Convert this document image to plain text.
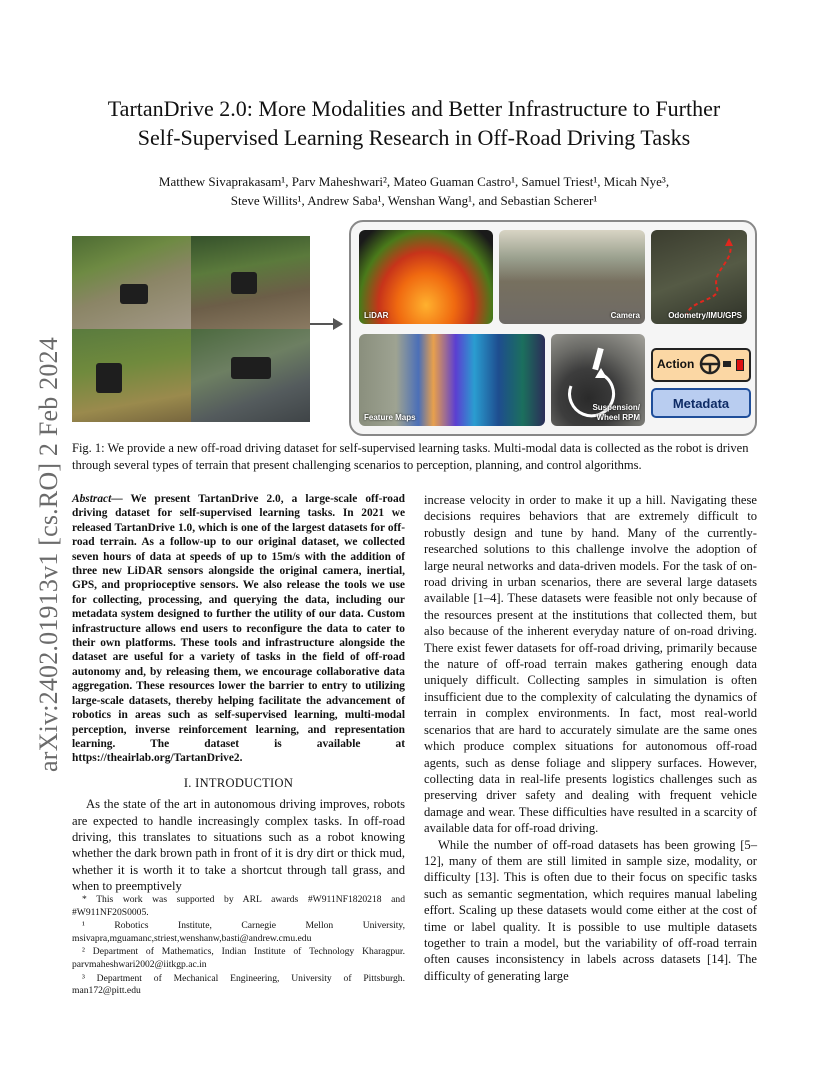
arXiv:2402.01913v1 [cs.RO] 2 Feb 2024
TartanDrive 2.0: More Modalities and Better Infrastructure to Further
Self-Supervised Learning Research in Off-Road Driving Tasks
Matthew Sivaprakasam¹, Parv Maheshwari², Mateo Guaman Castro¹, Samuel Triest¹, Micah Nye³,
Steve Willits¹, Andrew Saba¹, Wenshan Wang¹, and Sebastian Scherer¹
LiDAR	Camera	Odometry/IMU/GPS
Feature Maps
Suspension/
Wheel RPM
Action
Metadata
Fig. 1: We provide a new off-road driving dataset for self-supervised learning tasks. Multi-modal data is collected as the robot is driven through several types of terrain that present challenging scenarios to perception, planning, and control algorithms.

Abstract— We present TartanDrive 2.0, a large-scale off-road driving dataset for self-supervised learning tasks. In 2021 we released TartanDrive 1.0, which is one of the largest datasets for off-road terrain. As a follow-up to our original dataset, we collected seven hours of data at speeds of up to 15m/s with the addition of three new LiDAR sensors alongside the original camera, inertial, GPS, and proprioceptive sensors. We also release the tools we use for collecting, processing, and querying the data, including our metadata system designed to further the utility of our data. Custom infrastructure allows end users to reconfigure the data to cater to their own platforms. These tools and infrastructure alongside the dataset are useful for a variety of tasks in the field of off-road autonomy and, by releasing them, we encourage collaborative data aggregation. These resources lower the barrier to entry to utilizing large-scale datasets, thereby helping facilitate the advancement of robotics in areas such as self-supervised learning, multi-modal perception, inverse reinforcement learning, and representation learning. The dataset is available at https://theairlab.org/TartanDrive2.

I. INTRODUCTION

As the state of the art in autonomous driving improves, robots are expected to handle increasingly complex tasks. In off-road driving, this translates to situations such as a robot knowing whether the dark brown path in front of it is dry dirt or thick mud, whether it is worth it to take a shortcut through tall grass, and when to preemptively

* This work was supported by ARL awards #W911NF1820218 and #W911NF20S0005.

¹ Robotics Institute, Carnegie Mellon University, msivapra,mguamanc,striest,wenshanw,basti@andrew.cmu.edu

² Department of Mathematics, Indian Institute of Technology Kharagpur. parvmaheshwari2002@iitkgp.ac.in

³ Department of Mechanical Engineering, University of Pittsburgh. man172@pitt.edu

increase velocity in order to make it up a hill. Navigating these decisions requires behaviors that are extremely difficult to robustly design and tune by hand. Many of the currently-researched solutions to this challenge involve the adoption of large neural networks and data-driven models. For the task of on-road driving in urban scenarios, there are several large datasets available [1–4]. These datasets were feasible not only because of the resources present at the institutions that collected them, but also because of the inherent everyday nature of on-road driving. There exist fewer datasets for off-road driving, primarily because the nature of off-road terrain makes gathering enough data uniquely difficult. Collecting samples in simulation is often insufficient due to the complexity of calculating the dynamics of terrain in complex environments. In fact, most real-world scenarios that are hard to accurately simulate are the same ones which produce complex situations for autonomous off-road agents, such as dense foliage and slippery surfaces. However, collecting data in real-life presents logistics challenges such as preserving driver safety and dealing with frequent vehicle damage and wear. These difficulties have resulted in a scarcity of available data for off-road driving.

While the number of off-road datasets has been growing [5–12], many of them are still limited in sample size, modality, or difficulty [13]. This is often due to their focus on specific tasks such as semantic segmentation, which requires manual labeling effort. Scaling up these datasets would come either at the cost of time or label quality. It is possible to use multiple datasets together to train a model, but the variability of off-road terrain often causes inconsistency in labels across datasets [14]. The difficulty of generating large
